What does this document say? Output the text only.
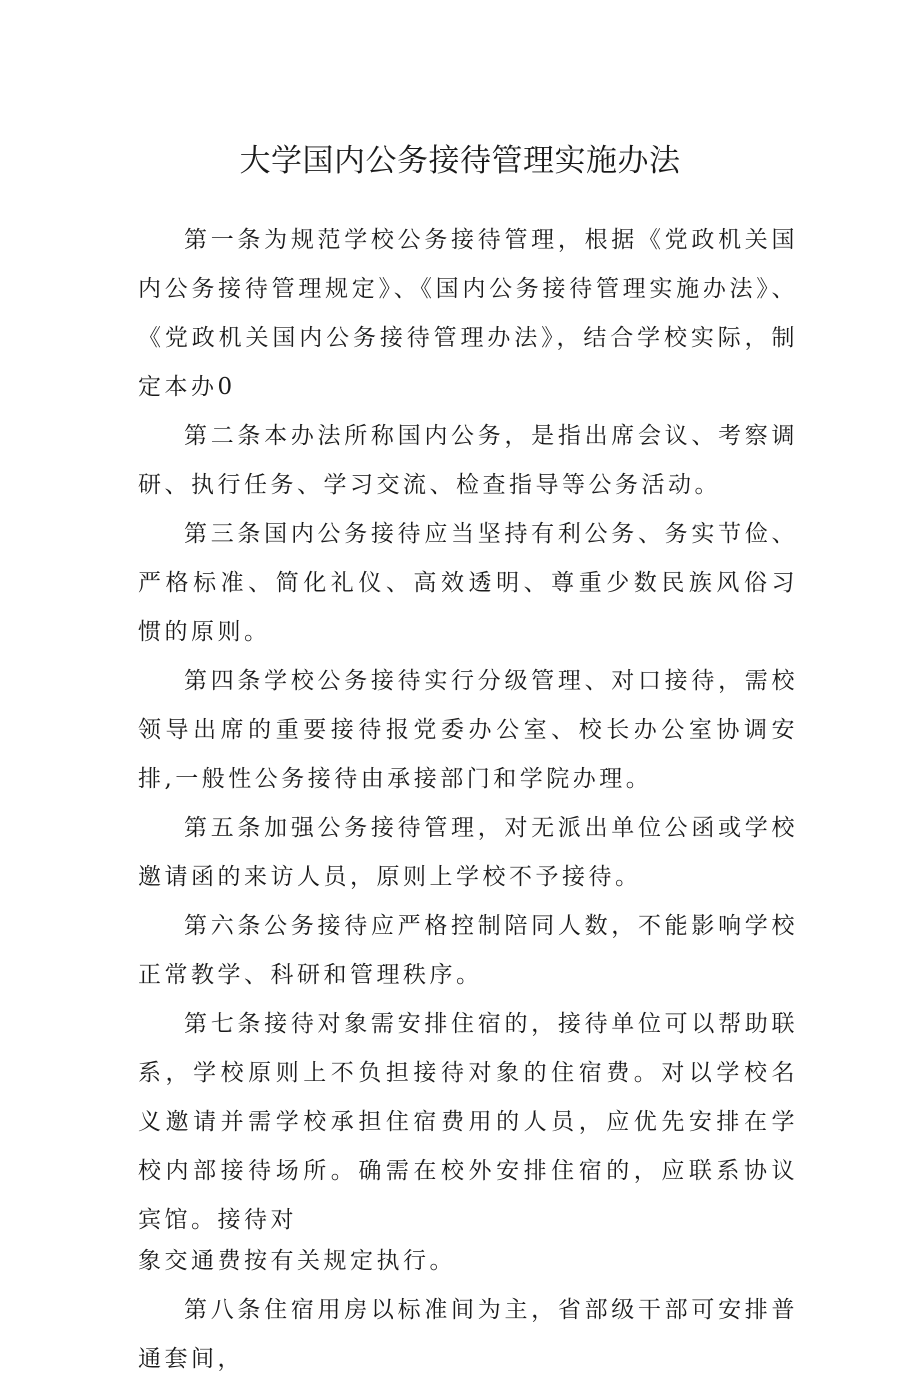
大学国内公务接待管理实施办法

第一条为规范学校公务接待管理，根据《党政机关国内公务接待管理规定》、《国内公务接待管理实施办法》、《党政机关国内公务接待管理办法》，结合学校实际，制定本办0

第二条本办法所称国内公务，是指出席会议、考察调研、执行任务、学习交流、检查指导等公务活动。

第三条国内公务接待应当坚持有利公务、务实节俭、严格标准、简化礼仪、高效透明、尊重少数民族风俗习惯的原则。

第四条学校公务接待实行分级管理、对口接待，需校领导出席的重要接待报党委办公室、校长办公室协调安排,一般性公务接待由承接部门和学院办理。

第五条加强公务接待管理，对无派出单位公函或学校邀请函的来访人员，原则上学校不予接待。

第六条公务接待应严格控制陪同人数，不能影响学校正常教学、科研和管理秩序。

第七条接待对象需安排住宿的，接待单位可以帮助联系，学校原则上不负担接待对象的住宿费。对以学校名义邀请并需学校承担住宿费用的人员，应优先安排在学校内部接待场所。确需在校外安排住宿的，应联系协议宾馆。接待对
象交通费按有关规定执行。

第八条住宿用房以标准间为主，省部级干部可安排普通套间，
